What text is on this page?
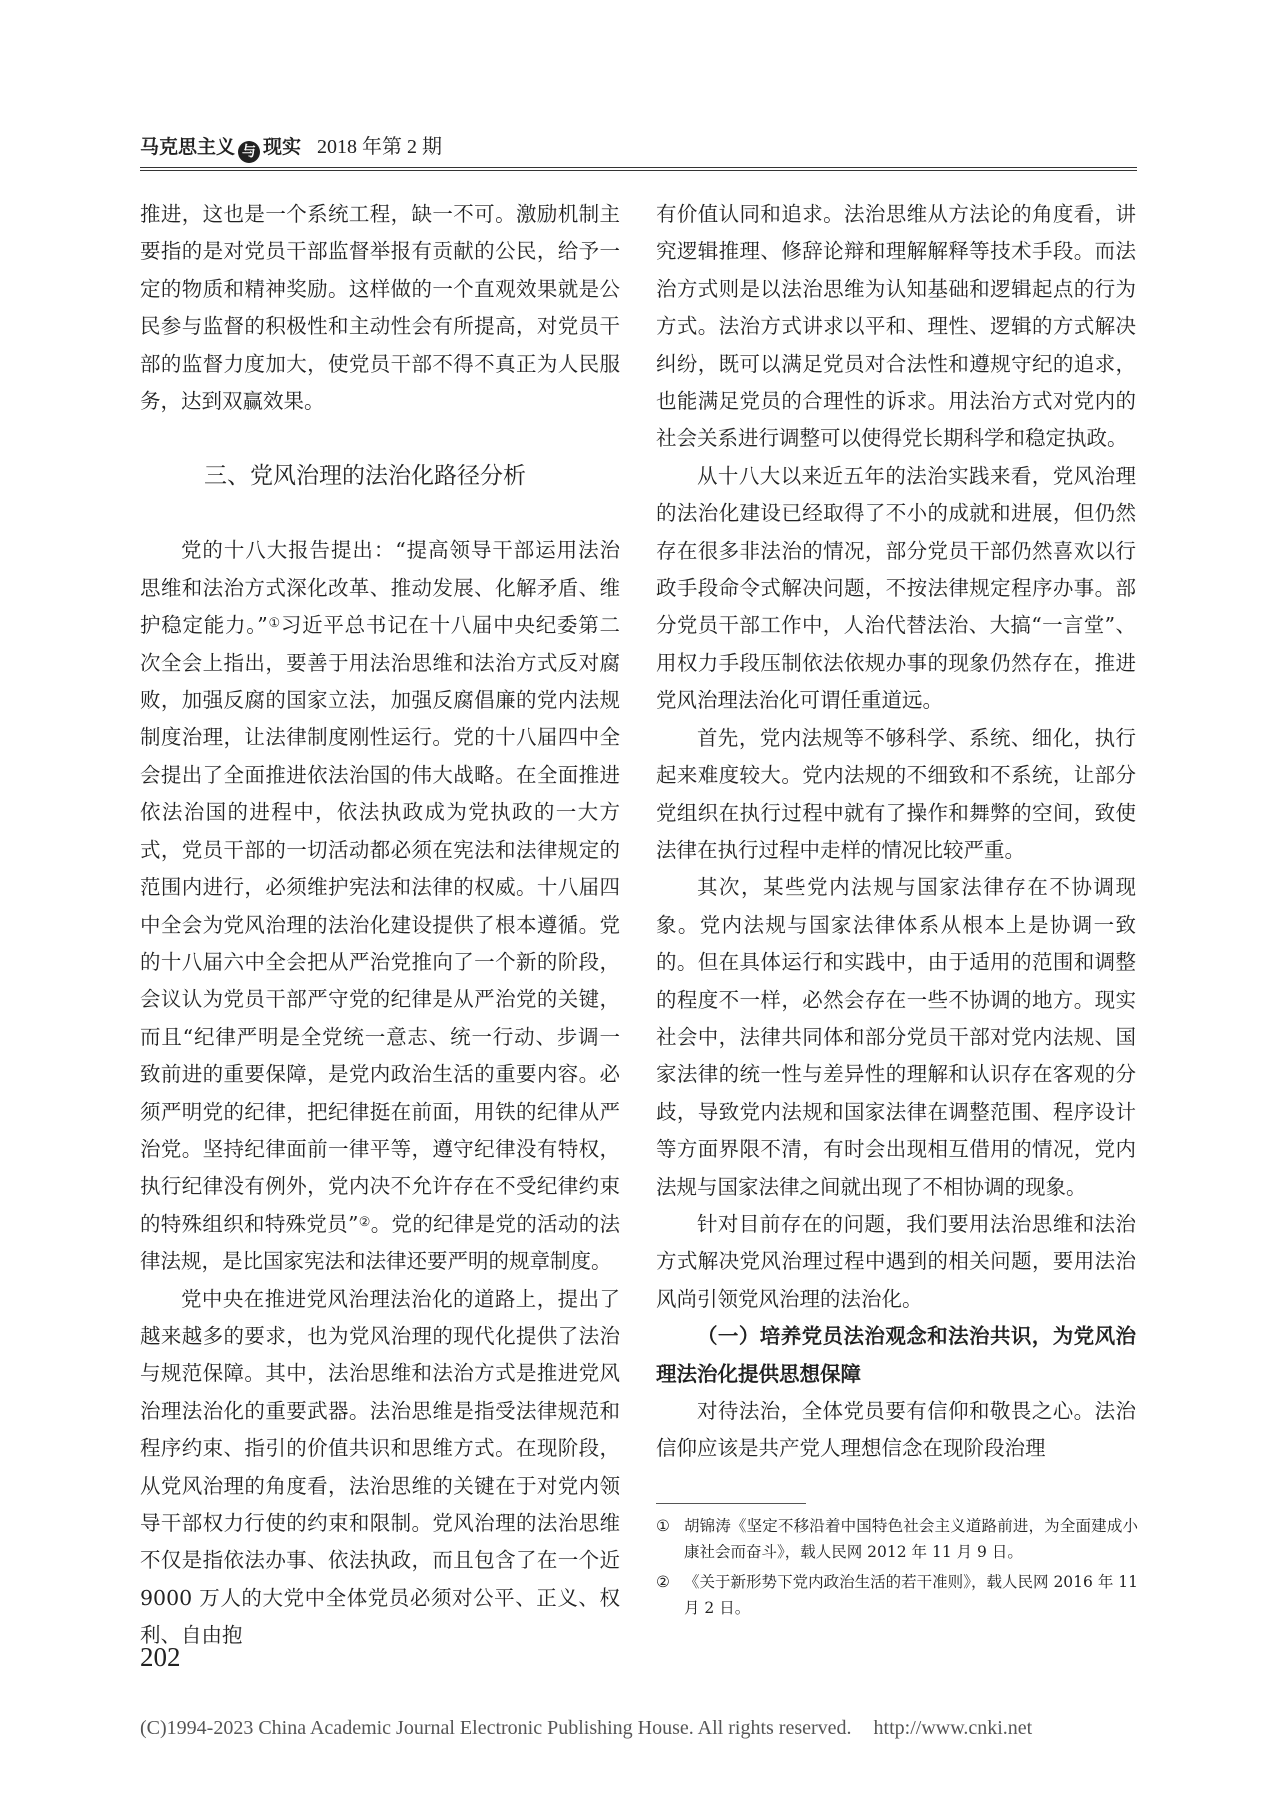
马克思主义 与 现实 2018 年第 2 期

推进，这也是一个系统工程，缺一不可。激励机制主要指的是对党员干部监督举报有贡献的公民，给予一定的物质和精神奖励。这样做的一个直观效果就是公民参与监督的积极性和主动性会有所提高，对党员干部的监督力度加大，使党员干部不得不真正为人民服务，达到双赢效果。

三、党风治理的法治化路径分析

党的十八大报告提出：“提高领导干部运用法治思维和法治方式深化改革、推动发展、化解矛盾、维护稳定能力。”①习近平总书记在十八届中央纪委第二次全会上指出，要善于用法治思维和法治方式反对腐败，加强反腐的国家立法，加强反腐倡廉的党内法规制度治理，让法律制度刚性运行。党的十八届四中全会提出了全面推进依法治国的伟大战略。在全面推进依法治国的进程中，依法执政成为党执政的一大方式，党员干部的一切活动都必须在宪法和法律规定的范围内进行，必须维护宪法和法律的权威。十八届四中全会为党风治理的法治化建设提供了根本遵循。党的十八届六中全会把从严治党推向了一个新的阶段，会议认为党员干部严守党的纪律是从严治党的关键，而且“纪律严明是全党统一意志、统一行动、步调一致前进的重要保障，是党内政治生活的重要内容。必须严明党的纪律，把纪律挺在前面，用铁的纪律从严治党。坚持纪律面前一律平等，遵守纪律没有特权，执行纪律没有例外，党内决不允许存在不受纪律约束的特殊组织和特殊党员”②。党的纪律是党的活动的法律法规，是比国家宪法和法律还要严明的规章制度。

党中央在推进党风治理法治化的道路上，提出了越来越多的要求，也为党风治理的现代化提供了法治与规范保障。其中，法治思维和法治方式是推进党风治理法治化的重要武器。法治思维是指受法律规范和程序约束、指引的价值共识和思维方式。在现阶段，从党风治理的角度看，法治思维的关键在于对党内领导干部权力行使的约束和限制。党风治理的法治思维不仅是指依法办事、依法执政，而且包含了在一个近 9000 万人的大党中全体党员必须对公平、正义、权利、自由抱

有价值认同和追求。法治思维从方法论的角度看，讲究逻辑推理、修辞论辩和理解解释等技术手段。而法治方式则是以法治思维为认知基础和逻辑起点的行为方式。法治方式讲求以平和、理性、逻辑的方式解决纠纷，既可以满足党员对合法性和遵规守纪的追求，也能满足党员的合理性的诉求。用法治方式对党内的社会关系进行调整可以使得党长期科学和稳定执政。

从十八大以来近五年的法治实践来看，党风治理的法治化建设已经取得了不小的成就和进展，但仍然存在很多非法治的情况，部分党员干部仍然喜欢以行政手段命令式解决问题，不按法律规定程序办事。部分党员干部工作中，人治代替法治、大搞“一言堂”、用权力手段压制依法依规办事的现象仍然存在，推进党风治理法治化可谓任重道远。

首先，党内法规等不够科学、系统、细化，执行起来难度较大。党内法规的不细致和不系统，让部分党组织在执行过程中就有了操作和舞弊的空间，致使法律在执行过程中走样的情况比较严重。

其次，某些党内法规与国家法律存在不协调现象。党内法规与国家法律体系从根本上是协调一致的。但在具体运行和实践中，由于适用的范围和调整的程度不一样，必然会存在一些不协调的地方。现实社会中，法律共同体和部分党员干部对党内法规、国家法律的统一性与差异性的理解和认识存在客观的分歧，导致党内法规和国家法律在调整范围、程序设计等方面界限不清，有时会出现相互借用的情况，党内法规与国家法律之间就出现了不相协调的现象。

针对目前存在的问题，我们要用法治思维和法治方式解决党风治理过程中遇到的相关问题，要用法治风尚引领党风治理的法治化。

（一）培养党员法治观念和法治共识，为党风治理法治化提供思想保障

对待法治，全体党员要有信仰和敬畏之心。法治信仰应该是共产党人理想信念在现阶段治理

① 胡锦涛《坚定不移沿着中国特色社会主义道路前进，为全面建成小康社会而奋斗》，载人民网 2012 年 11 月 9 日。
② 《关于新形势下党内政治生活的若干准则》，载人民网 2016 年 11 月 2 日。
202
(C)1994-2023 China Academic Journal Electronic Publishing House. All rights reserved. http://www.cnki.net
